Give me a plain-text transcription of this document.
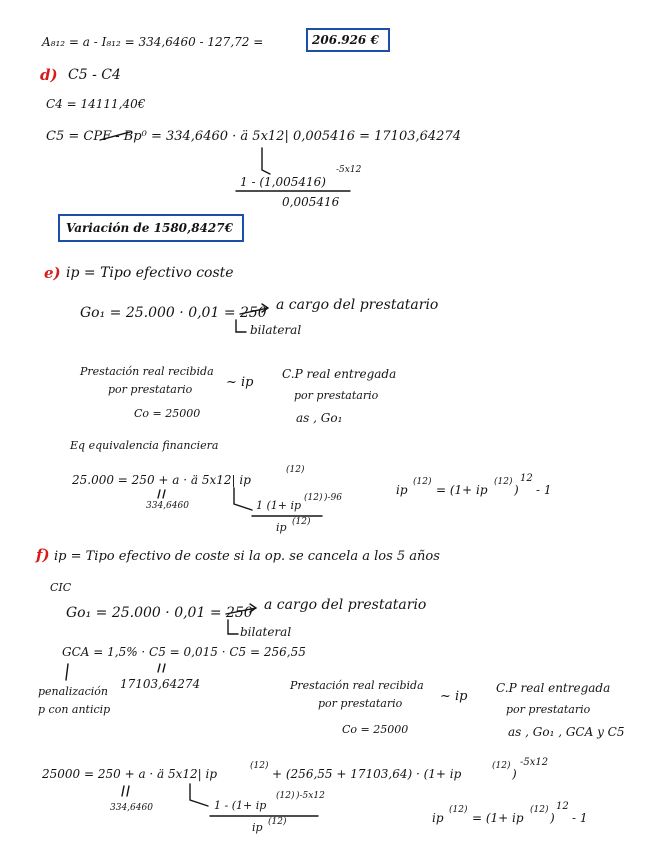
A₈₁₂ = a - I₈₁₂ = 334,6460 - 127,72 =	206.926 €
d) C5 - C4
C4 = 14111,40€
C5 = CPF - Bp⁰ = 334,6460 · ä 5x12| 0,005416 = 17103,64274
1 - (1,005416)
-5x12
0,005416
Variación de 1580,8427€
e) ip = Tipo efectivo coste
Go₁ = 25.000 · 0,01 = 250 a cargo del prestatario
bilateral
Prestación real recibida
por prestatario	~ ip
C.P real entregada
por prestatario
Co = 25000	as , Go₁
Eq equivalencia financiera
25.000 = 250 + a · ä 5x12| ip
(12)
334,6460	1 (1+ ip
(12) )-96
ip (12)
ip
(12)
= (1+ ip
(12)
)
12
- 1
f) ip = Tipo efectivo de coste si la op. se cancela a los 5 años
CIC
Go₁ = 25.000 · 0,01 = 250 a cargo del prestatario
bilateral
GCA = 1,5% · C5 = 0,015 · C5 = 256,55
17103,64274
penalización
p con anticip
Prestación real recibida
por prestatario	~ ip
C.P real entregada
por prestatario
Co = 25000	as , Go₁ , GCA y C5
25000 = 250 + a · ä 5x12| ip
(12)
+ (256,55 + 17103,64) · (1+ ip
(12)
)
-5x12
334,6460	1 - (1+ ip
(12) )-5x12
ip (12)	ip
(12)
= (1+ ip
(12)
)
12
- 1
